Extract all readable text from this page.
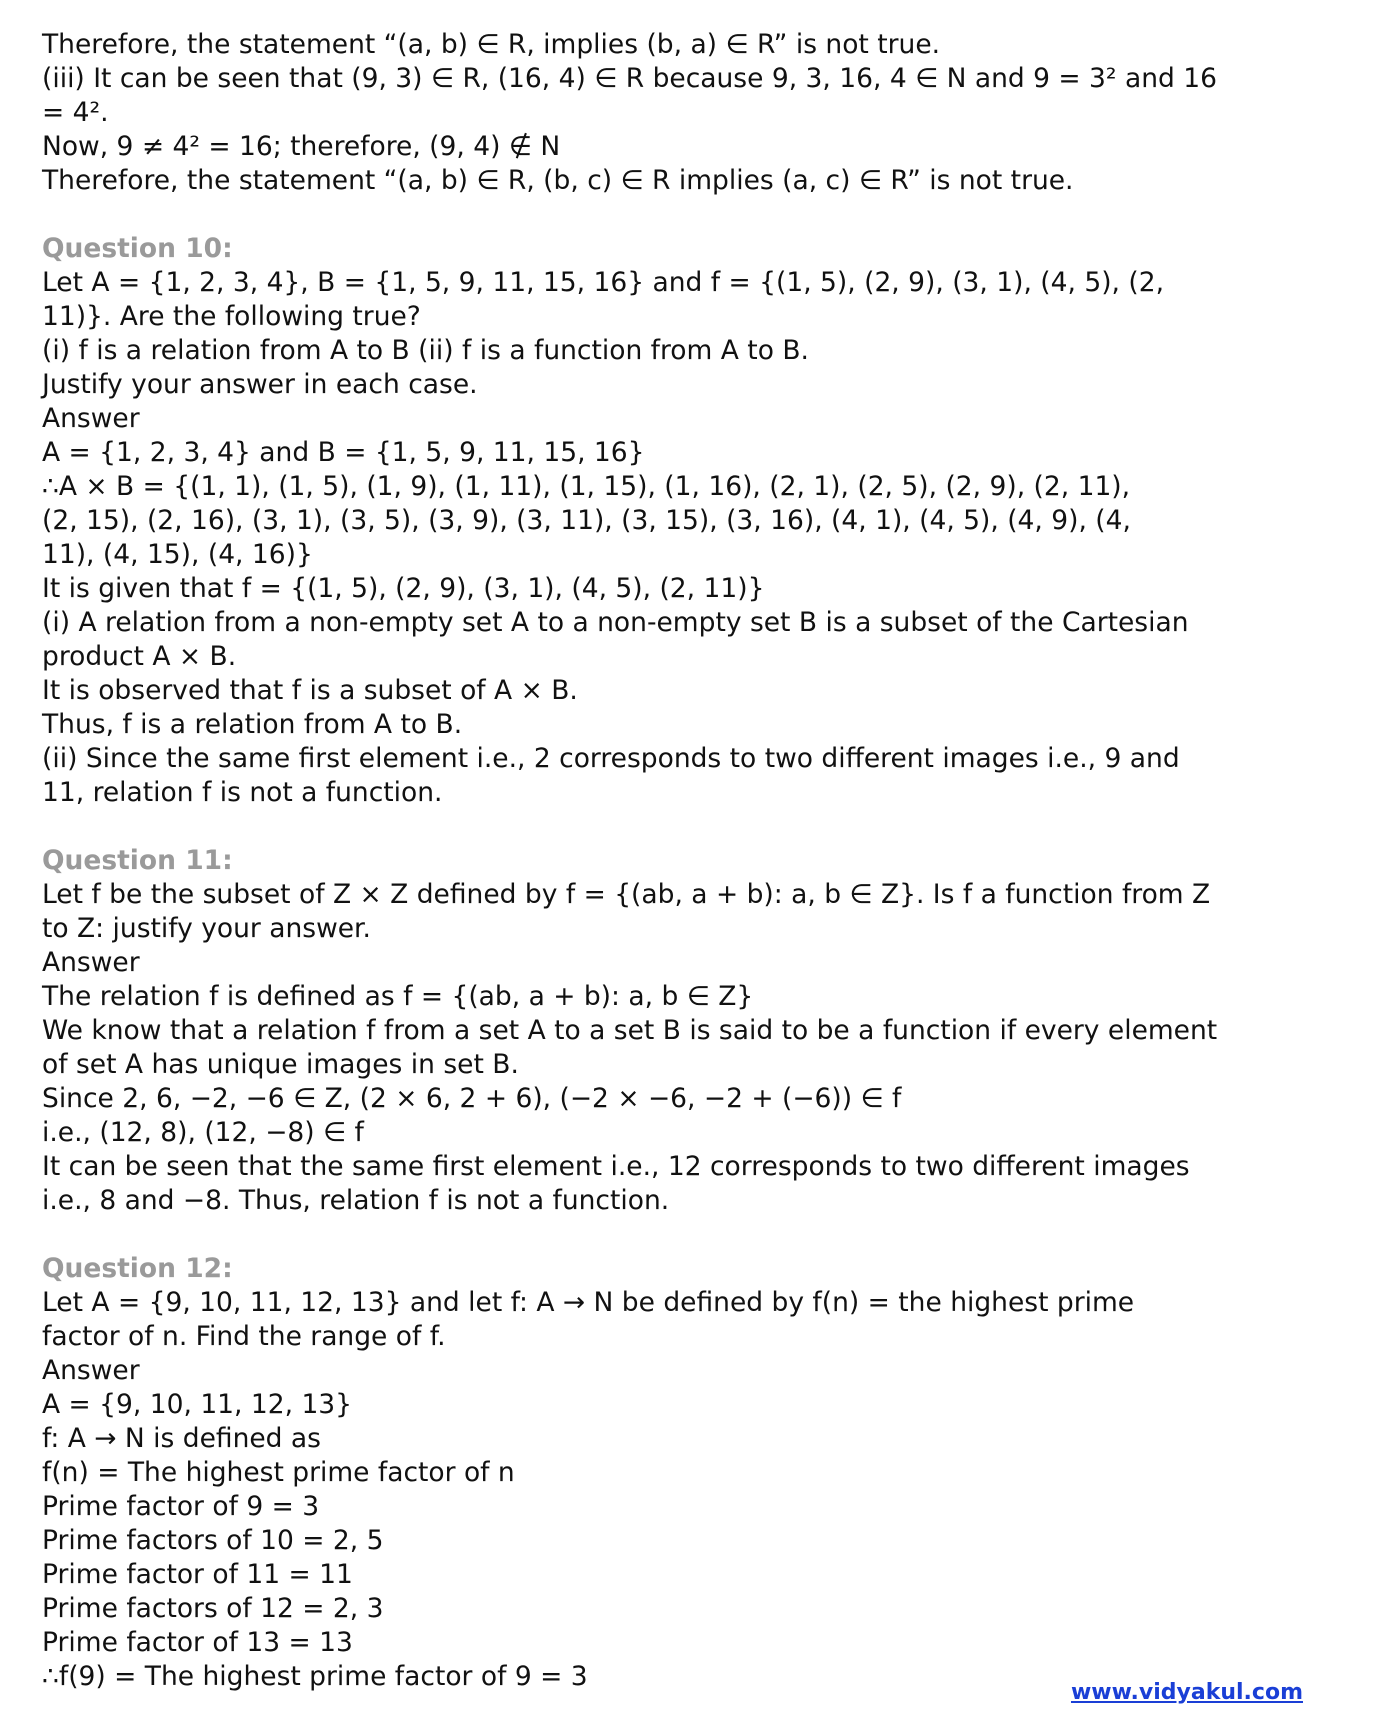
Therefore, the statement “(a, b) ∈ R, implies (b, a) ∈ R” is not true.
(iii) It can be seen that (9, 3) ∈ R, (16, 4) ∈ R because 9, 3, 16, 4 ∈ N and 9 = 3² and 16
= 4².
Now, 9 ≠ 4² = 16; therefore, (9, 4) ∉ N
Therefore, the statement “(a, b) ∈ R, (b, c) ∈ R implies (a, c) ∈ R” is not true.
Question 10:
Let A = {1, 2, 3, 4}, B = {1, 5, 9, 11, 15, 16} and f = {(1, 5), (2, 9), (3, 1), (4, 5), (2,
11)}. Are the following true?
(i) f is a relation from A to B (ii) f is a function from A to B.
Justify your answer in each case.
Answer
A = {1, 2, 3, 4} and B = {1, 5, 9, 11, 15, 16}
∴A × B = {(1, 1), (1, 5), (1, 9), (1, 11), (1, 15), (1, 16), (2, 1), (2, 5), (2, 9), (2, 11),
(2, 15), (2, 16), (3, 1), (3, 5), (3, 9), (3, 11), (3, 15), (3, 16), (4, 1), (4, 5), (4, 9), (4,
11), (4, 15), (4, 16)}
It is given that f = {(1, 5), (2, 9), (3, 1), (4, 5), (2, 11)}
(i) A relation from a non-empty set A to a non-empty set B is a subset of the Cartesian
product A × B.
It is observed that f is a subset of A × B.
Thus, f is a relation from A to B.
(ii) Since the same first element i.e., 2 corresponds to two different images i.e., 9 and
11, relation f is not a function.
Question 11:
Let f be the subset of Z × Z defined by f = {(ab, a + b): a, b ∈ Z}. Is f a function from Z
to Z: justify your answer.
Answer
The relation f is defined as f = {(ab, a + b): a, b ∈ Z}
We know that a relation f from a set A to a set B is said to be a function if every element
of set A has unique images in set B.
Since 2, 6, −2, −6 ∈ Z, (2 × 6, 2 + 6), (−2 × −6, −2 + (−6)) ∈ f
i.e., (12, 8), (12, −8) ∈ f
It can be seen that the same first element i.e., 12 corresponds to two different images
i.e., 8 and −8. Thus, relation f is not a function.
Question 12:
Let A = {9, 10, 11, 12, 13} and let f: A → N be defined by f(n) = the highest prime
factor of n. Find the range of f.
Answer
A = {9, 10, 11, 12, 13}
f: A → N is defined as
f(n) = The highest prime factor of n
Prime factor of 9 = 3
Prime factors of 10 = 2, 5
Prime factor of 11 = 11
Prime factors of 12 = 2, 3
Prime factor of 13 = 13
∴f(9) = The highest prime factor of 9 = 3
www.vidyakul.com
